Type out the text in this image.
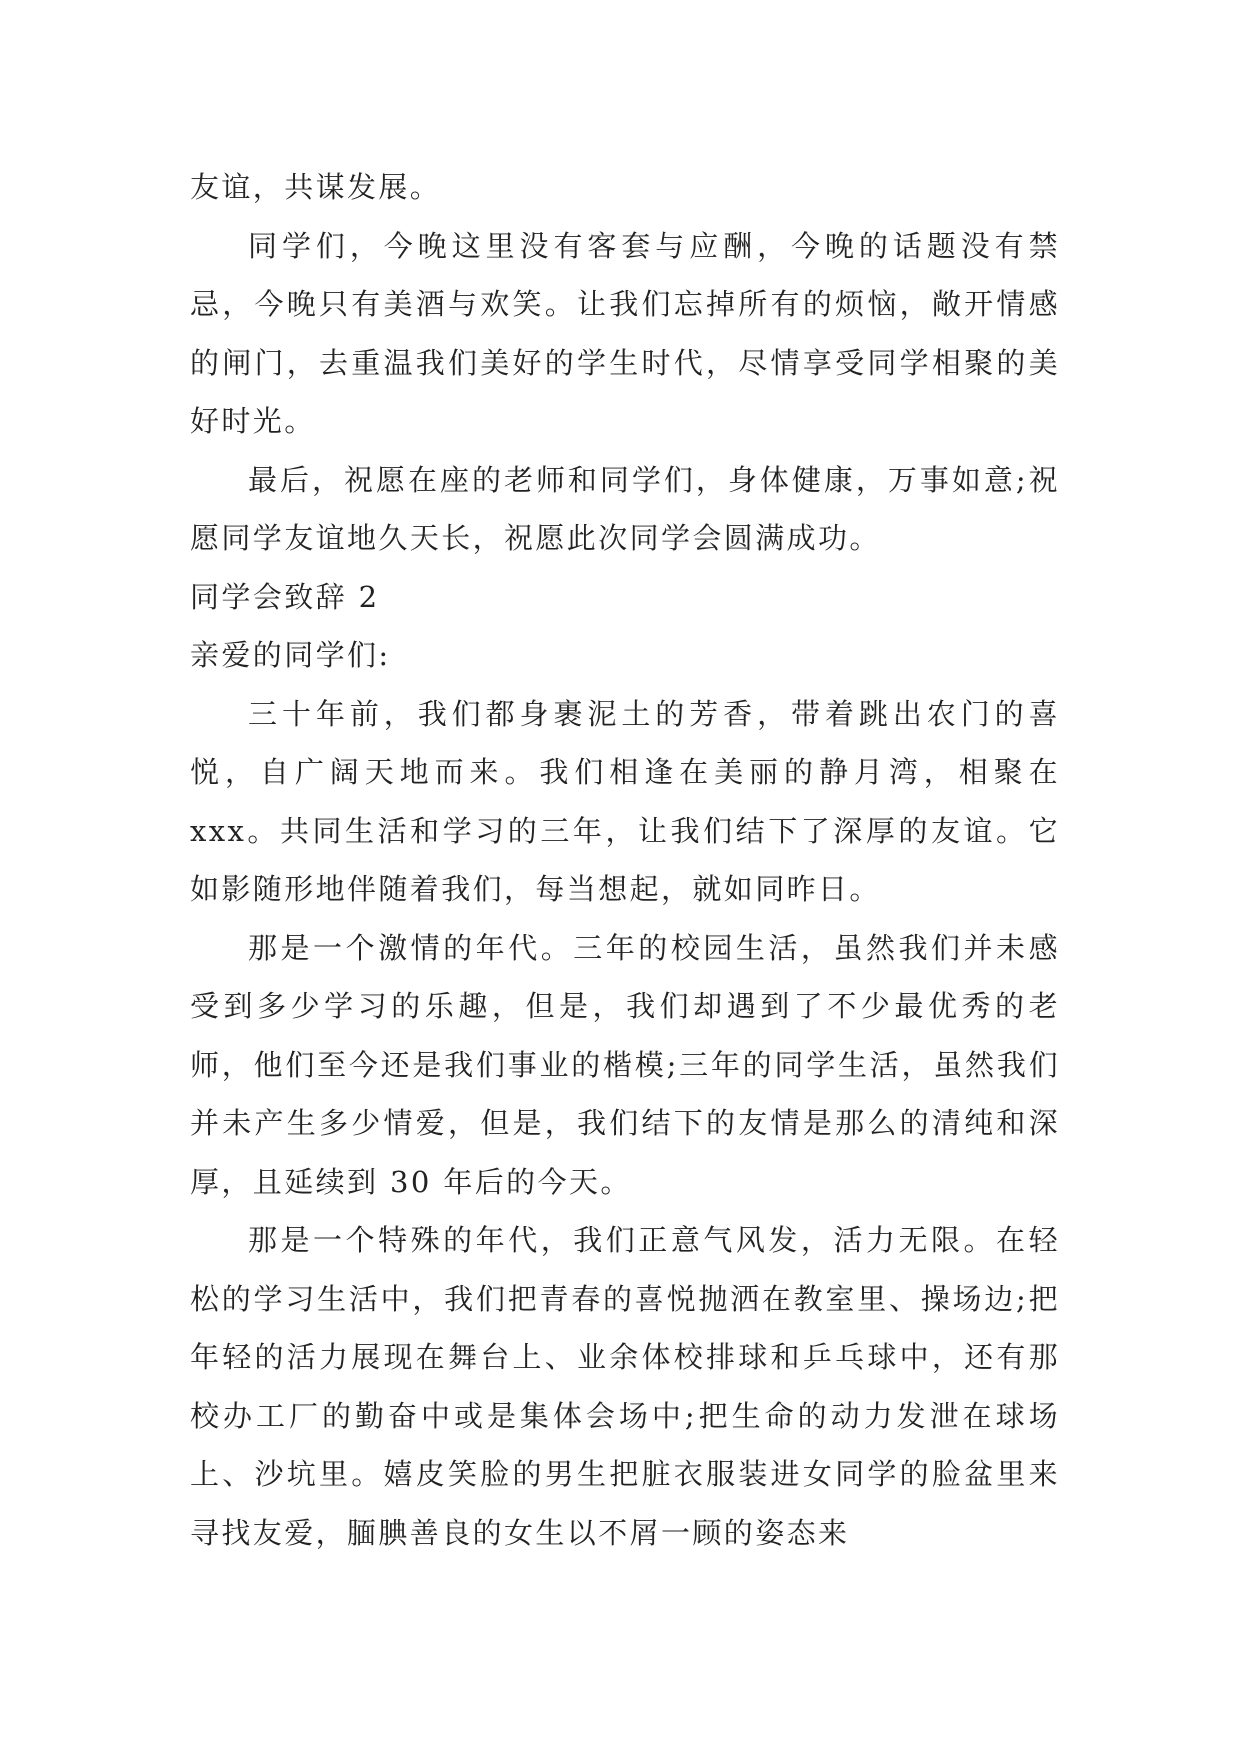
友谊，共谋发展。

同学们，今晚这里没有客套与应酬，今晚的话题没有禁忌，今晚只有美酒与欢笑。让我们忘掉所有的烦恼，敞开情感的闸门，去重温我们美好的学生时代，尽情享受同学相聚的美好时光。

最后，祝愿在座的老师和同学们，身体健康，万事如意;祝愿同学友谊地久天长，祝愿此次同学会圆满成功。

同学会致辞 2

亲爱的同学们:

三十年前，我们都身裹泥土的芳香，带着跳出农门的喜悦，自广阔天地而来。我们相逢在美丽的静月湾，相聚在 xxx。共同生活和学习的三年，让我们结下了深厚的友谊。它如影随形地伴随着我们，每当想起，就如同昨日。

那是一个激情的年代。三年的校园生活，虽然我们并未感受到多少学习的乐趣，但是，我们却遇到了不少最优秀的老师，他们至今还是我们事业的楷模;三年的同学生活，虽然我们并未产生多少情爱，但是，我们结下的友情是那么的清纯和深厚，且延续到 30 年后的今天。

那是一个特殊的年代，我们正意气风发，活力无限。在轻松的学习生活中，我们把青春的喜悦抛洒在教室里、操场边;把年轻的活力展现在舞台上、业余体校排球和乒乓球中，还有那校办工厂的勤奋中或是集体会场中;把生命的动力发泄在球场上、沙坑里。嬉皮笑脸的男生把脏衣服装进女同学的脸盆里来寻找友爱，腼腆善良的女生以不屑一顾的姿态来
